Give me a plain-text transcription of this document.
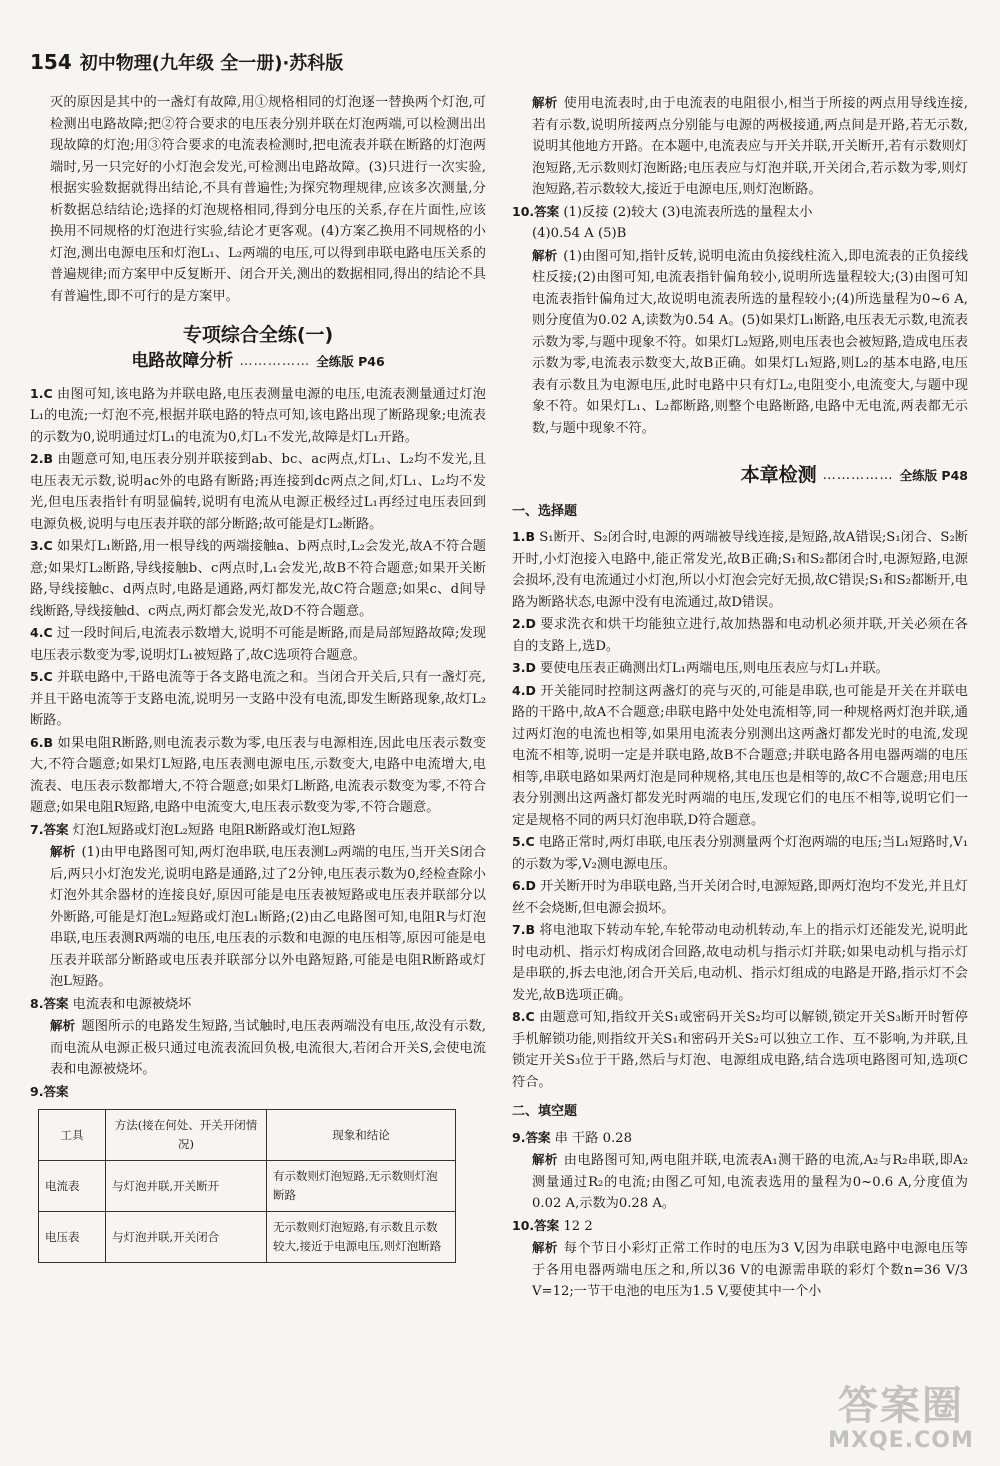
154 初中物理(九年级 全一册)·苏科版

灭的原因是其中的一盏灯有故障,用①规格相同的灯泡逐一替换两个灯泡,可检测出电路故障;把②符合要求的电压表分别并联在灯泡两端,可以检测出出现故障的灯泡;用③符合要求的电流表检测时,把电流表并联在断路的灯泡两端时,另一只完好的小灯泡会发光,可检测出电路故障。(3)只进行一次实验,根据实验数据就得出结论,不具有普遍性;为探究物理规律,应该多次测量,分析数据总结结论;选择的灯泡规格相同,得到分电压的关系,存在片面性,应该换用不同规格的灯泡进行实验,结论才更客观。(4)方案乙换用不同规格的小灯泡,测出电源电压和灯泡L₁、L₂两端的电压,可以得到串联电路电压关系的普遍规律;而方案甲中反复断开、闭合开关,测出的数据相同,得出的结论不具有普遍性,即不可行的是方案甲。

专项综合全练(一)
电路故障分析 …………… 全练版 P46

1.C 由图可知,该电路为并联电路,电压表测量电源的电压,电流表测量通过灯泡L₁的电流;一灯泡不亮,根据并联电路的特点可知,该电路出现了断路现象;电流表的示数为0,说明通过灯L₁的电流为0,灯L₁不发光,故障是灯L₁开路。

2.B 由题意可知,电压表分别并联接到ab、bc、ac两点,灯L₁、L₂均不发光,且电压表无示数,说明ac外的电路有断路;再连接到dc两点之间,灯L₁、L₂均不发光,但电压表指针有明显偏转,说明有电流从电源正极经过L₁再经过电压表回到电源负极,说明与电压表并联的部分断路;故可能是灯L₂断路。

3.C 如果灯L₁断路,用一根导线的两端接触a、b两点时,L₂会发光,故A不符合题意;如果灯L₂断路,导线接触b、c两点时,L₁会发光,故B不符合题意;如果开关断路,导线接触c、d两点时,电路是通路,两灯都发光,故C符合题意;如果c、d间导线断路,导线接触d、c两点,两灯都会发光,故D不符合题意。

4.C 过一段时间后,电流表示数增大,说明不可能是断路,而是局部短路故障;发现电压表示数变为零,说明灯L₁被短路了,故C选项符合题意。

5.C 并联电路中,干路电流等于各支路电流之和。当闭合开关后,只有一盏灯亮,并且干路电流等于支路电流,说明另一支路中没有电流,即发生断路现象,故灯L₂断路。

6.B 如果电阻R断路,则电流表示数为零,电压表与电源相连,因此电压表示数变大,不符合题意;如果灯L短路,电压表测电源电压,示数变大,电路中电流增大,电流表、电压表示数都增大,不符合题意;如果灯L断路,电流表示数变为零,不符合题意;如果电阻R短路,电路中电流变大,电压表示数变为零,不符合题意。

7.答案 灯泡L短路或灯泡L₂短路 电阻R断路或灯泡L短路

解析 (1)由甲电路图可知,两灯泡串联,电压表测L₂两端的电压,当开关S闭合后,两只小灯泡发光,说明电路是通路,过了2分钟,电压表示数为0,经检查除小灯泡外其余器材的连接良好,原因可能是电压表被短路或电压表并联部分以外断路,可能是灯泡L₂短路或灯泡L₁断路;(2)由乙电路图可知,电阻R与灯泡串联,电压表测R两端的电压,电压表的示数和电源的电压相等,原因可能是电压表并联部分断路或电压表并联部分以外电路短路,可能是电阻R断路或灯泡L短路。

8.答案 电流表和电源被烧坏

解析 题图所示的电路发生短路,当试触时,电压表两端没有电压,故没有示数,而电流从电源正极只通过电流表流回负极,电流很大,若闭合开关S,会使电流表和电源被烧坏。

9.答案

工具	方法(接在何处、开关开闭情况)	现象和结论
电流表	与灯泡并联,开关断开	有示数则灯泡短路,无示数则灯泡断路
电压表	与灯泡并联,开关闭合	无示数则灯泡短路,有示数且示数较大,接近于电源电压,则灯泡断路

解析 使用电流表时,由于电流表的电阻很小,相当于所接的两点用导线连接,若有示数,说明所接两点分别能与电源的两极接通,两点间是开路,若无示数,说明其他地方开路。在本题中,电流表应与开关并联,开关断开,若有示数则灯泡短路,无示数则灯泡断路;电压表应与灯泡并联,开关闭合,若示数为零,则灯泡短路,若示数较大,接近于电源电压,则灯泡断路。

10.答案 (1)反接 (2)较大 (3)电流表所选的量程太小

(4)0.54 A (5)B

解析 (1)由图可知,指针反转,说明电流由负接线柱流入,即电流表的正负接线柱反接;(2)由图可知,电流表指针偏角较小,说明所选量程较大;(3)由图可知电流表指针偏角过大,故说明电流表所选的量程较小;(4)所选量程为0~6 A,则分度值为0.02 A,读数为0.54 A。(5)如果灯L₁断路,电压表无示数,电流表示数为零,与题中现象不符。如果灯L₂短路,则电压表也会被短路,造成电压表示数为零,电流表示数变大,故B正确。如果灯L₁短路,则L₂的基本电路,电压表有示数且为电源电压,此时电路中只有灯L₂,电阻变小,电流变大,与题中现象不符。如果灯L₁、L₂都断路,则整个电路断路,电路中无电流,两表都无示数,与题中现象不符。

本章检测 …………… 全练版 P48
一、选择题

1.B S₁断开、S₂闭合时,电源的两端被导线连接,是短路,故A错误;S₁闭合、S₂断开时,小灯泡接入电路中,能正常发光,故B正确;S₁和S₂都闭合时,电源短路,电源会损坏,没有电流通过小灯泡,所以小灯泡会完好无损,故C错误;S₁和S₂都断开,电路为断路状态,电源中没有电流通过,故D错误。

2.D 要求洗衣和烘干均能独立进行,故加热器和电动机必须并联,开关必须在各自的支路上,选D。

3.D 要使电压表正确测出灯L₁两端电压,则电压表应与灯L₁并联。

4.D 开关能同时控制这两盏灯的亮与灭的,可能是串联,也可能是开关在并联电路的干路中,故A不合题意;串联电路中处处电流相等,同一种规格两灯泡并联,通过两灯泡的电流也相等,如果用电流表分别测出这两盏灯都发光时的电流,发现电流不相等,说明一定是并联电路,故B不合题意;并联电路各用电器两端的电压相等,串联电路如果两灯泡是同种规格,其电压也是相等的,故C不合题意;用电压表分别测出这两盏灯都发光时两端的电压,发现它们的电压不相等,说明它们一定是规格不同的两只灯泡串联,D符合题意。

5.C 电路正常时,两灯串联,电压表分别测量两个灯泡两端的电压;当L₁短路时,V₁的示数为零,V₂测电源电压。

6.D 开关断开时为串联电路,当开关闭合时,电源短路,即两灯泡均不发光,并且灯丝不会烧断,但电源会损坏。

7.B 将电池取下转动车轮,车轮带动电动机转动,车上的指示灯还能发光,说明此时电动机、指示灯构成闭合回路,故电动机与指示灯并联;如果电动机与指示灯是串联的,拆去电池,闭合开关后,电动机、指示灯组成的电路是开路,指示灯不会发光,故B选项正确。

8.C 由题意可知,指纹开关S₁或密码开关S₂均可以解锁,锁定开关S₃断开时暂停手机解锁功能,则指纹开关S₁和密码开关S₂可以独立工作、互不影响,为并联,且锁定开关S₃位于干路,然后与灯泡、电源组成电路,结合选项电路图可知,选项C符合。

二、填空题

9.答案 串 干路 0.28

解析 由电路图可知,两电阻并联,电流表A₁测干路的电流,A₂与R₂串联,即A₂测量通过R₂的电流;由图乙可知,电流表选用的量程为0~0.6 A,分度值为0.02 A,示数为0.28 A。

10.答案 12 2

解析 每个节日小彩灯正常工作时的电压为3 V,因为串联电路中电源电压等于各用电器两端电压之和,所以36 V的电源需串联的彩灯个数n=36 V/3 V=12;一节干电池的电压为1.5 V,要使其中一个小

答案圈
MXQE.COM
